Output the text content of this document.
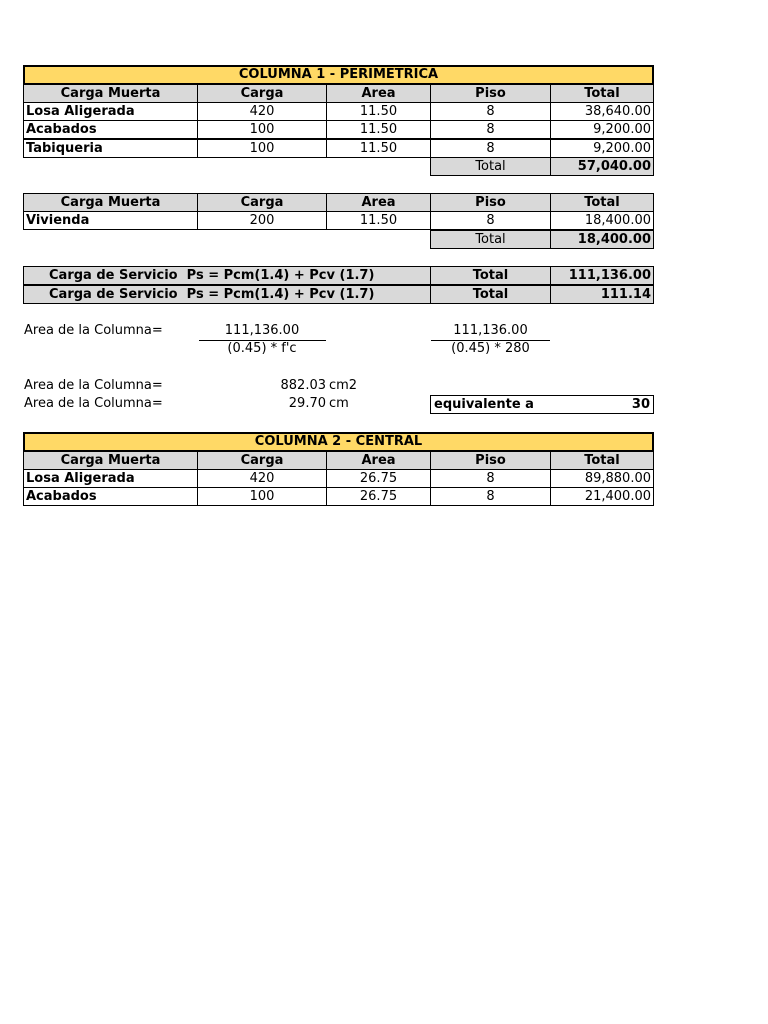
COLUMNA 1 - PERIMETRICA
Carga Muerta	Carga	Area	Piso	Total
Losa Aligerada	420	11.50	8	38,640.00
Acabados	100	11.50	8	9,200.00
Tabiqueria	100	11.50	8	9,200.00
Total	57,040.00
Carga Muerta	Carga	Area	Piso	Total
Vivienda	200	11.50	8	18,400.00
Total	18,400.00
Carga de Servicio Ps = Pcm(1.4) + Pcv (1.7)	Total	111,136.00
Carga de Servicio Ps = Pcm(1.4) + Pcv (1.7)	Total	111.14
Area de la Columna=	111,136.00
(0.45) * f'c
111,136.00
(0.45) * 280
Area de la Columna=	882.03 cm2
Area de la Columna=	29.70 cm	equivalente a	30
COLUMNA 2 - CENTRAL
Carga Muerta	Carga	Area	Piso	Total
Losa Aligerada	420	26.75	8	89,880.00
Acabados	100	26.75	8	21,400.00
